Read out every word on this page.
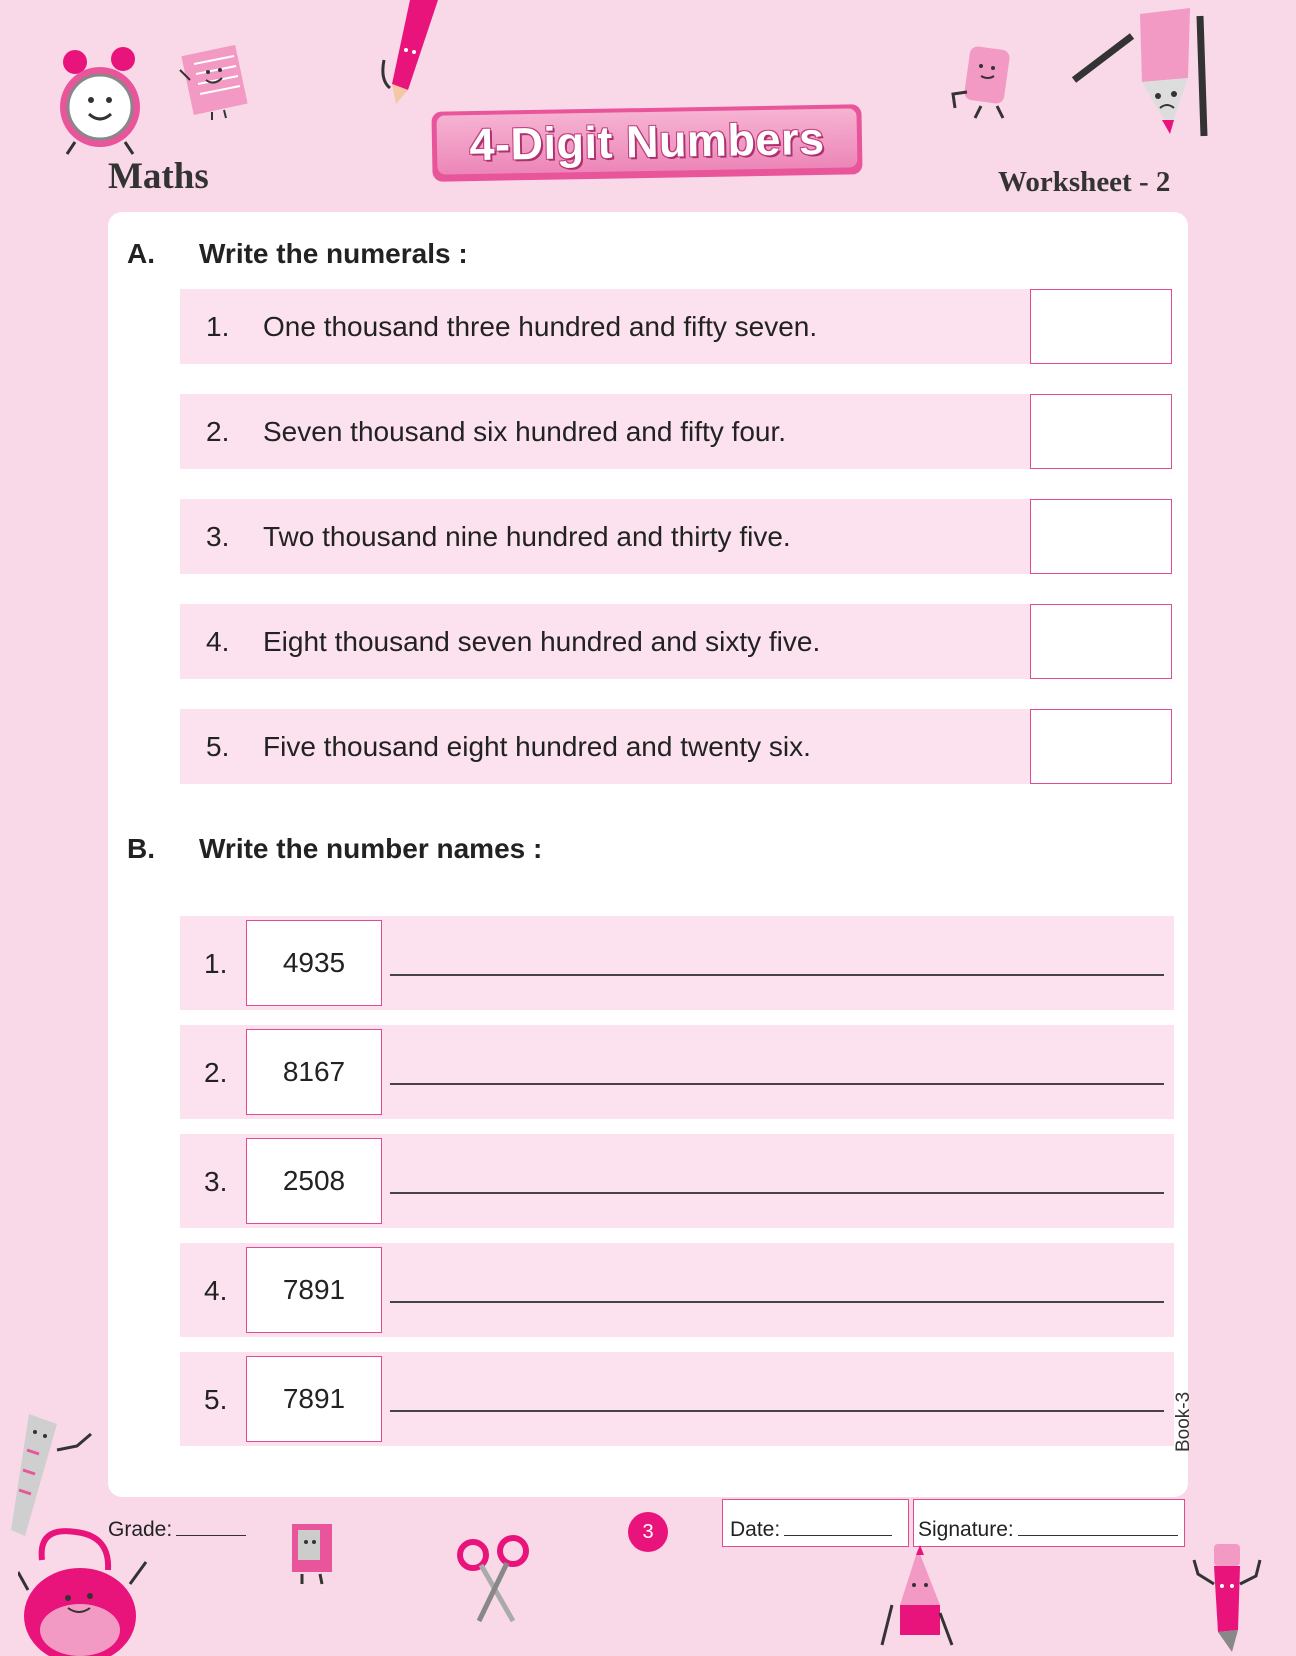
Maths
4-Digit Numbers
Worksheet - 2
A. Write the numerals :
1. One thousand three hundred and fifty seven.
2. Seven thousand six hundred and fifty four.
3. Two thousand nine hundred and thirty five.
4. Eight thousand seven hundred and sixty five.
5. Five thousand eight hundred and twenty six.
B. Write the number names :
1.	4935
2.	8167
3.	2508
4.	7891
5.	7891	Book-3
Grade:	3	Date:	Signature:
